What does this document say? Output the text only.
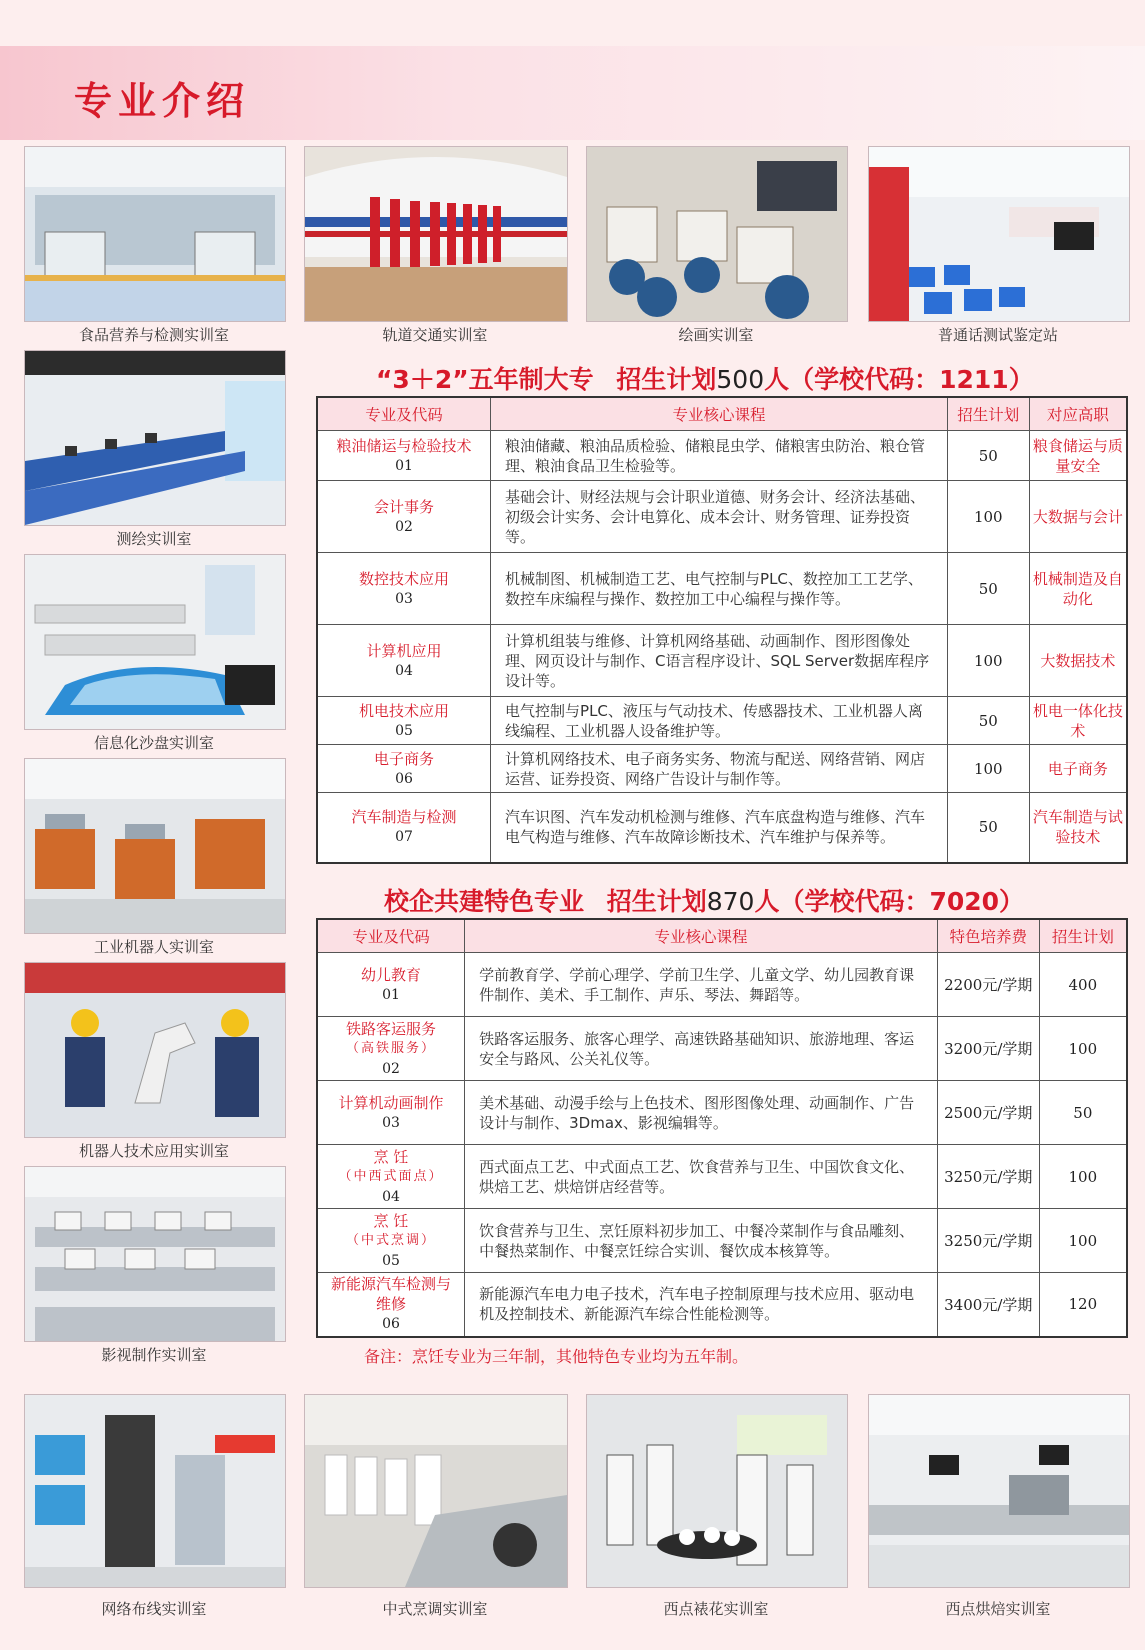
专业介绍
食品营养与检测实训室	轨道交通实训室	绘画实训室	普通话测试鉴定站
测绘实训室
信息化沙盘实训室
工业机器人实训室
机器人技术应用实训室
影视制作实训室
“3＋2”五年制大专 招生计划500人（学校代码：1211）
专业及代码	专业核心课程	招生计划	对应高职
粮油储运与检验技术
01	粮油储藏、粮油品质检验、储粮昆虫学、储粮害虫防治、粮仓管理、粮油食品卫生检验等。	50	粮食储运与质量安全
会计事务
02	基础会计、财经法规与会计职业道德、财务会计、经济法基础、初级会计实务、会计电算化、成本会计、财务管理、证券投资等。	100	大数据与会计
数控技术应用
03	机械制图、机械制造工艺、电气控制与PLC、数控加工工艺学、数控车床编程与操作、数控加工中心编程与操作等。	50	机械制造及自动化
计算机应用
04	计算机组装与维修、计算机网络基础、动画制作、图形图像处理、网页设计与制作、C语言程序设计、SQL Server数据库程序设计等。	100	大数据技术
机电技术应用
05	电气控制与PLC、液压与气动技术、传感器技术、工业机器人离线编程、工业机器人设备维护等。	50	机电一体化技术
电子商务
06	计算机网络技术、电子商务实务、物流与配送、网络营销、网店运营、证券投资、网络广告设计与制作等。	100	电子商务
汽车制造与检测
07	汽车识图、汽车发动机检测与维修、汽车底盘构造与维修、汽车电气构造与维修、汽车故障诊断技术、汽车维护与保养等。	50	汽车制造与试验技术
校企共建特色专业 招生计划870人（学校代码：7020）
专业及代码	专业核心课程	特色培养费	招生计划
幼儿教育
01	学前教育学、学前心理学、学前卫生学、儿童文学、幼儿园教育课件制作、美术、手工制作、声乐、琴法、舞蹈等。	2200元/学期	400
铁路客运服务
（高铁服务）
02	铁路客运服务、旅客心理学、高速铁路基础知识、旅游地理、客运安全与路风、公关礼仪等。	3200元/学期	100
计算机动画制作
03	美术基础、动漫手绘与上色技术、图形图像处理、动画制作、广告设计与制作、3Dmax、影视编辑等。	2500元/学期	50
烹 饪
（中西式面点）
04	西式面点工艺、中式面点工艺、饮食营养与卫生、中国饮食文化、烘焙工艺、烘焙饼店经营等。	3250元/学期	100
烹 饪
（中式烹调）
05	饮食营养与卫生、烹饪原料初步加工、中餐冷菜制作与食品雕刻、中餐热菜制作、中餐烹饪综合实训、餐饮成本核算等。	3250元/学期	100

新能源汽车检测与维修
06	新能源汽车电力电子技术，汽车电子控制原理与技术应用、驱动电机及控制技术、新能源汽车综合性能检测等。	3400元/学期	120
备注：烹饪专业为三年制，其他特色专业均为五年制。
网络布线实训室	中式烹调实训室	西点裱花实训室	西点烘焙实训室
